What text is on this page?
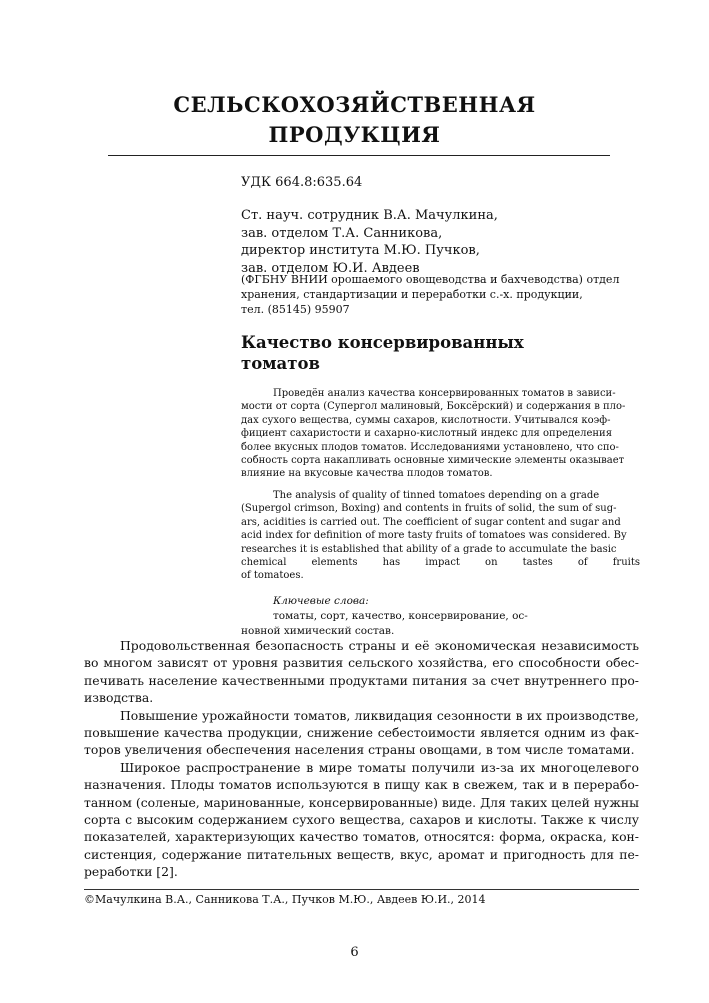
СЕЛЬСКОХОЗЯЙСТВЕННАЯ
ПРОДУКЦИЯ

УДК 664.8:635.64

Ст. науч. сотрудник В.А. Мачулкина,
зав. отделом Т.А. Санникова,
директор института М.Ю. Пучков,
зав. отделом Ю.И. Авдеев

(ФГБНУ ВНИИ орошаемого овощеводства и бахчеводства) отдел
хранения, стандартизации и переработки с.-х. продукции,
тел. (85145) 95907

Качество консервированных
томатов

Проведён анализ качества консервированных томатов в зависи-
мости от сорта (Супергол малиновый, Боксёрский) и содержания в пло-
дах сухого вещества, суммы сахаров, кислотности. Учитывался коэф-
фициент сахаристости и сахарно-кислотный индекс для определения
более вкусных плодов томатов. Исследованиями установлено, что спо-
собность сорта накапливать основные химические элементы оказывает
влияние на вкусовые качества плодов томатов.

The analysis of quality of tinned tomatoes depending on a grade
(Supergol crimson, Boxing) and contents in fruits of solid, the sum of sug-
ars, acidities is carried out. The coefficient of sugar content and sugar and
acid index for definition of more tasty fruits of tomatoes was considered. By
researches it is established that ability of a grade to accumulate the basic
chemical elements has impact on tastes of fruits
of tomatoes.

Ключевые слова:
томаты, сорт, качество, консервирование, ос-
новной химический состав.

Продовольственная безопасность страны и её экономическая независимость
во многом зависят от уровня развития сельского хозяйства, его способности обес-
печивать население качественными продуктами питания за счет внутреннего про-
изводства.
Повышение урожайности томатов, ликвидация сезонности в их производстве,
повышение качества продукции, снижение себестоимости является одним из фак-
торов увеличения обеспечения населения страны овощами, в том числе томатами.
Широкое распространение в мире томаты получили из-за их многоцелевого
назначения. Плоды томатов используются в пищу как в свежем, так и в перерабо-
танном (соленые, маринованные, консервированные) виде. Для таких целей нужны
сорта с высоким содержанием сухого вещества, сахаров и кислоты. Также к числу
показателей, характеризующих качество томатов, относятся: форма, окраска, кон-
систенция, содержание питательных веществ, вкус, аромат и пригодность для пе-
реработки [2].

©Мачулкина В.А., Санникова Т.А., Пучков М.Ю., Авдеев Ю.И., 2014

6
